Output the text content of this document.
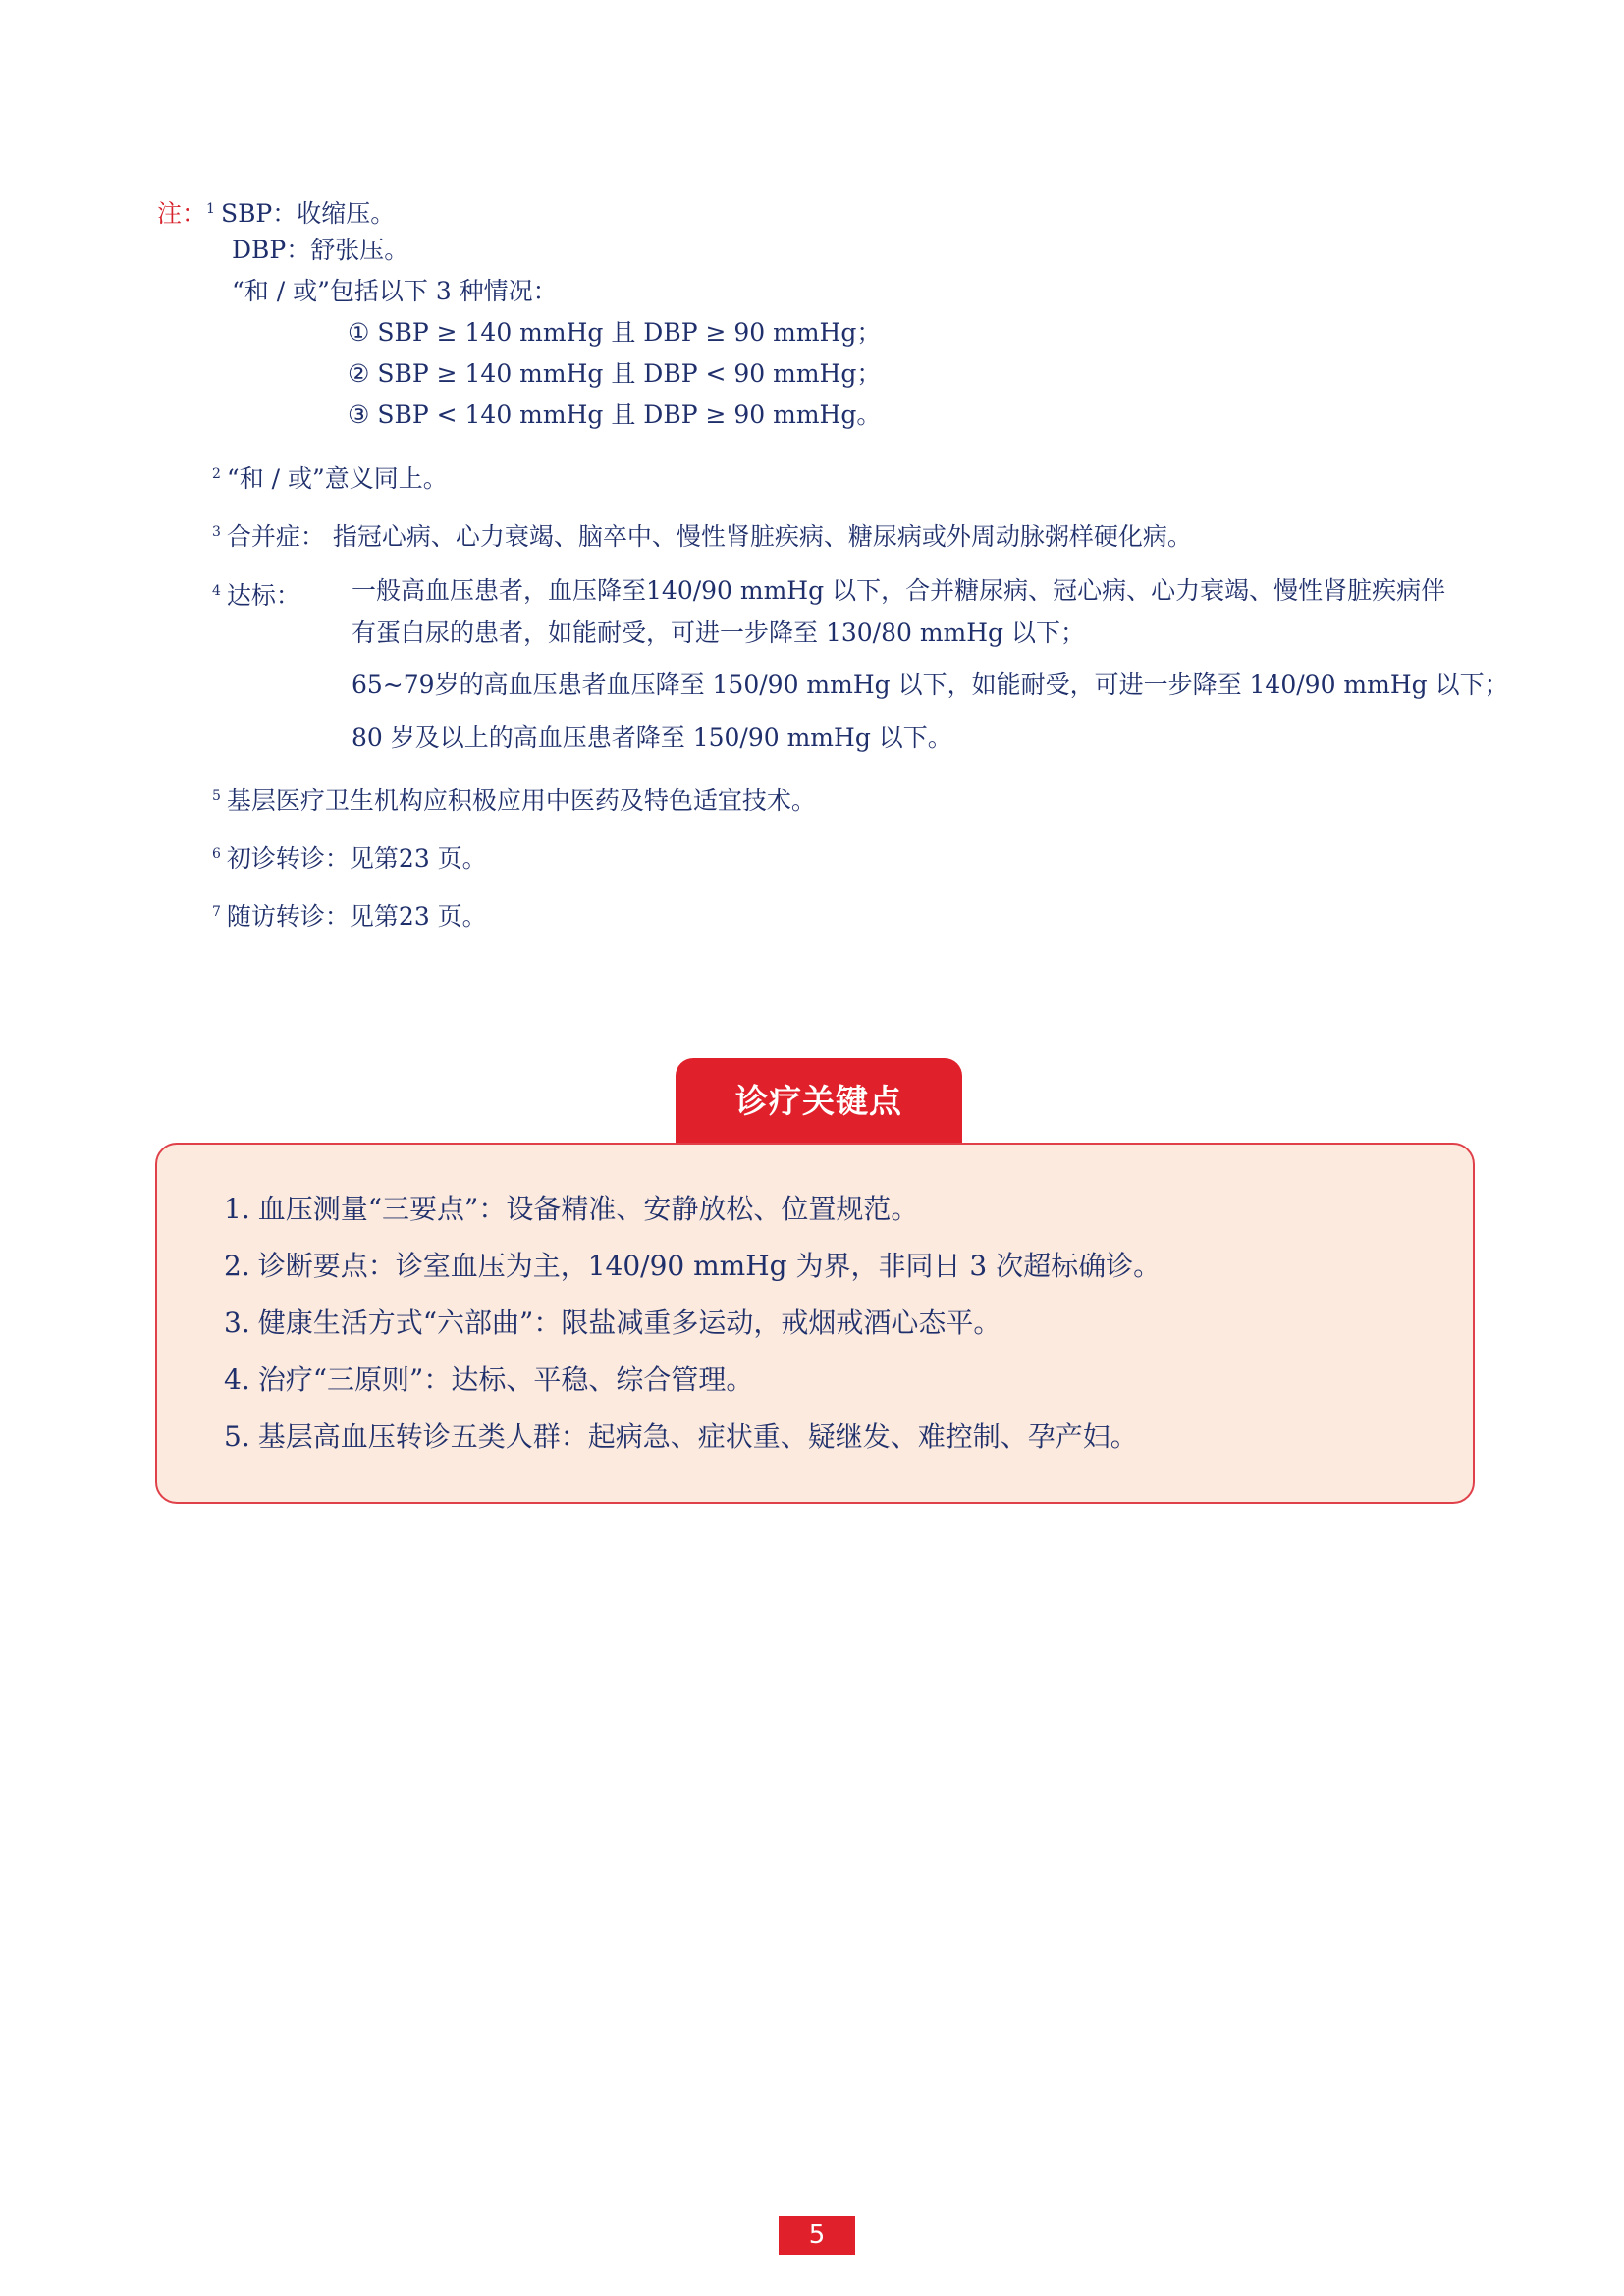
注：$^1$ SBP：收缩压。
DBP：舒张压。
“和 / 或”包括以下 3 种情况：
① SBP ≥ 140 mmHg 且 DBP ≥ 90 mmHg；
② SBP ≥ 140 mmHg 且 DBP < 90 mmHg；
③ SBP < 140 mmHg 且 DBP ≥ 90 mmHg。
$^2$ “和 / 或”意义同上。
$^3$ 合并症： 指冠心病、心力衰竭、脑卒中、慢性肾脏疾病、糖尿病或外周动脉粥样硬化病。
$^4$ 达标： 一般高血压患者，血压降至140/90 mmHg 以下，合并糖尿病、冠心病、心力衰竭、慢性肾脏疾病伴
有蛋白尿的患者，如能耐受，可进一步降至 130/80 mmHg 以下；
65~79岁的高血压患者血压降至 150/90 mmHg 以下，如能耐受，可进一步降至 140/90 mmHg 以下；
80 岁及以上的高血压患者降至 150/90 mmHg 以下。
$^5$ 基层医疗卫生机构应积极应用中医药及特色适宜技术。
$^6$ 初诊转诊：见第23 页。
$^7$ 随访转诊：见第23 页。
诊疗关键点
1. 血压测量“三要点”：设备精准、安静放松、位置规范。
2. 诊断要点：诊室血压为主，140/90 mmHg 为界，非同日 3 次超标确诊。
3. 健康生活方式“六部曲”：限盐减重多运动，戒烟戒酒心态平。
4. 治疗“三原则”：达标、平稳、综合管理。
5. 基层高血压转诊五类人群：起病急、症状重、疑继发、难控制、孕产妇。
5
